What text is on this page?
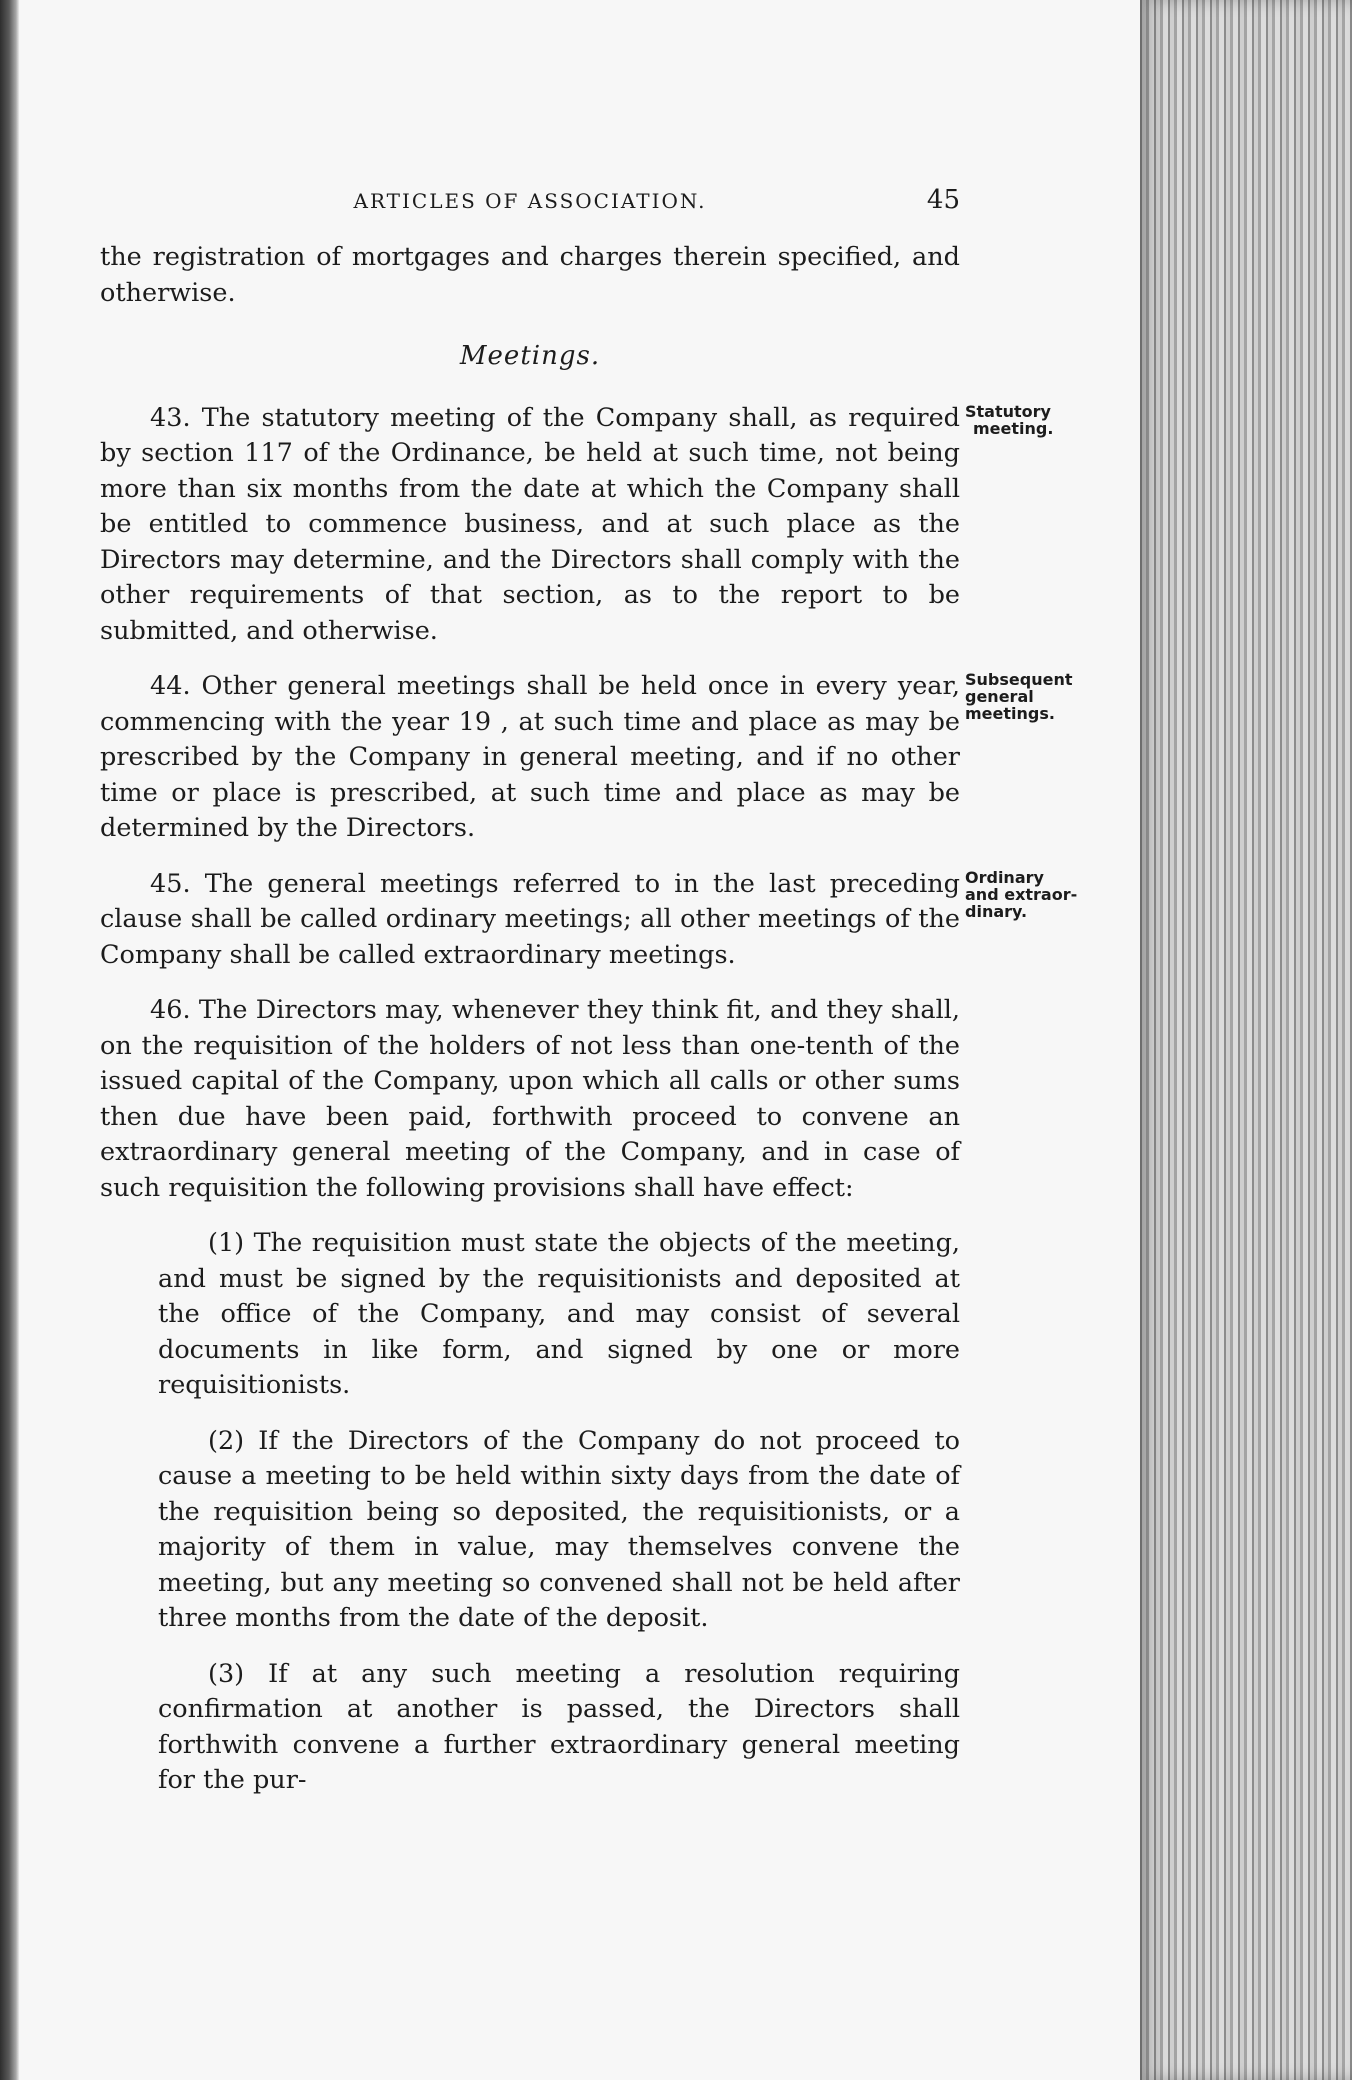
ARTICLES OF ASSOCIATION.	45

the registration of mortgages and charges therein specified, and otherwise.

Meetings.

43. The statutory meeting of the Company shall, as required by section 117 of the Ordinance, be held at such time, not being more than six months from the date at which the Company shall be entitled to commence business, and at such place as the Directors may determine, and the Directors shall comply with the other requirements of that section, as to the report to be submitted, and otherwise.

Statutory
meeting.

44. Other general meetings shall be held once in every year, commencing with the year 19 , at such time and place as may be prescribed by the Company in general meeting, and if no other time or place is prescribed, at such time and place as may be determined by the Directors.

Subsequent
general
meetings.

45. The general meetings referred to in the last preceding clause shall be called ordinary meetings; all other meetings of the Company shall be called extraordinary meetings.

Ordinary
and extraor-
dinary.

46. The Directors may, whenever they think fit, and they shall, on the requisition of the holders of not less than one-tenth of the issued capital of the Company, upon which all calls or other sums then due have been paid, forthwith proceed to convene an extraordinary general meeting of the Company, and in case of such requisition the following provisions shall have effect:

(1) The requisition must state the objects of the meeting, and must be signed by the requisitionists and deposited at the office of the Company, and may consist of several documents in like form, and signed by one or more requisitionists.

(2) If the Directors of the Company do not proceed to cause a meeting to be held within sixty days from the date of the requisition being so deposited, the requisitionists, or a majority of them in value, may themselves convene the meeting, but any meeting so convened shall not be held after three months from the date of the deposit.

(3) If at any such meeting a resolution requiring confirmation at another is passed, the Directors shall forthwith convene a further extraordinary general meeting for the pur-
